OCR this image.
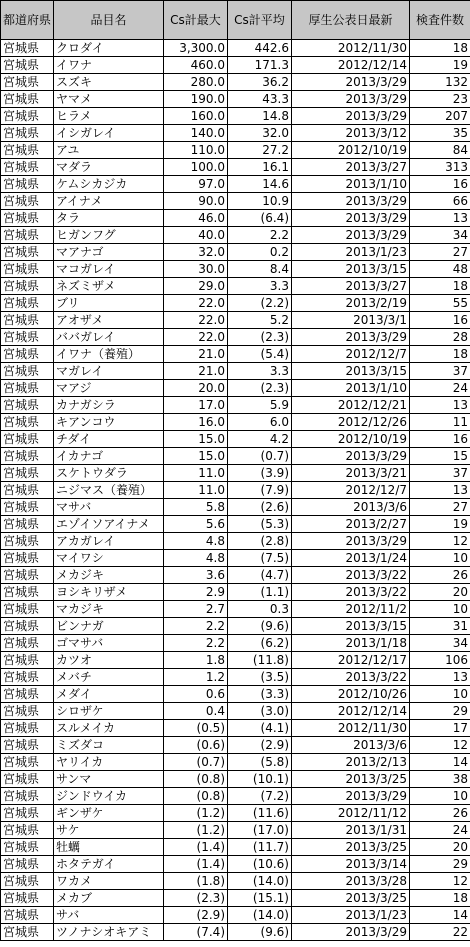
都道府県	品目名	Cs計最大	Cs計平均	厚生公表日最新	検査件数
宮城県	クロダイ	3,300.0	442.6	2012/11/30	18
宮城県	イワナ	460.0	171.3	2012/12/14	19
宮城県	スズキ	280.0	36.2	2013/3/29	132
宮城県	ヤマメ	190.0	43.3	2013/3/29	23
宮城県	ヒラメ	160.0	14.8	2013/3/29	207
宮城県	イシガレイ	140.0	32.0	2013/3/12	35
宮城県	アユ	110.0	27.2	2012/10/19	84
宮城県	マダラ	100.0	16.1	2013/3/27	313
宮城県	ケムシカジカ	97.0	14.6	2013/1/10	16
宮城県	アイナメ	90.0	10.9	2013/3/29	66
宮城県	タラ	46.0	(6.4)	2013/3/29	13
宮城県	ヒガンフグ	40.0	2.2	2013/3/29	34
宮城県	マアナゴ	32.0	0.2	2013/1/23	27
宮城県	マコガレイ	30.0	8.4	2013/3/15	48
宮城県	ネズミザメ	29.0	3.3	2013/3/27	18
宮城県	ブリ	22.0	(2.2)	2013/2/19	55
宮城県	アオザメ	22.0	5.2	2013/3/1	16
宮城県	ババガレイ	22.0	(2.3)	2013/3/29	28
宮城県	イワナ（養殖）	21.0	(5.4)	2012/12/7	18
宮城県	マガレイ	21.0	3.3	2013/3/15	37
宮城県	マアジ	20.0	(2.3)	2013/1/10	24
宮城県	カナガシラ	17.0	5.9	2012/12/21	13
宮城県	キアンコウ	16.0	6.0	2012/12/26	11
宮城県	チダイ	15.0	4.2	2012/10/19	16
宮城県	イカナゴ	15.0	(0.7)	2013/3/29	15
宮城県	スケトウダラ	11.0	(3.9)	2013/3/21	37
宮城県	ニジマス（養殖）	11.0	(7.9)	2012/12/7	13
宮城県	マサバ	5.8	(2.6)	2013/3/6	27
宮城県	エゾイソアイナメ	5.6	(5.3)	2013/2/27	19
宮城県	アカガレイ	4.8	(2.8)	2013/3/29	12
宮城県	マイワシ	4.8	(7.5)	2013/1/24	10
宮城県	メカジキ	3.6	(4.7)	2013/3/22	26
宮城県	ヨシキリザメ	2.9	(1.1)	2013/3/22	20
宮城県	マカジキ	2.7	0.3	2012/11/2	10
宮城県	ビンナガ	2.2	(9.6)	2013/3/15	31
宮城県	ゴマサバ	2.2	(6.2)	2013/1/18	34
宮城県	カツオ	1.8	(11.8)	2012/12/17	106
宮城県	メバチ	1.2	(3.5)	2013/3/22	13
宮城県	メダイ	0.6	(3.3)	2012/10/26	10
宮城県	シロザケ	0.4	(3.0)	2012/12/14	29
宮城県	スルメイカ	(0.5)	(4.1)	2012/11/30	17
宮城県	ミズダコ	(0.6)	(2.9)	2013/3/6	12
宮城県	ヤリイカ	(0.7)	(5.8)	2013/2/13	14
宮城県	サンマ	(0.8)	(10.1)	2013/3/25	38
宮城県	ジンドウイカ	(0.8)	(7.2)	2013/3/29	10
宮城県	ギンザケ	(1.2)	(11.6)	2012/11/12	26
宮城県	サケ	(1.2)	(17.0)	2013/1/31	24
宮城県	牡蠣	(1.4)	(11.7)	2013/3/25	20
宮城県	ホタテガイ	(1.4)	(10.6)	2013/3/14	29
宮城県	ワカメ	(1.8)	(14.0)	2013/3/28	12
宮城県	メカブ	(2.3)	(15.1)	2013/3/25	18
宮城県	サバ	(2.9)	(14.0)	2013/1/23	14
宮城県	ツノナシオキアミ	(7.4)	(9.6)	2013/3/29	22
